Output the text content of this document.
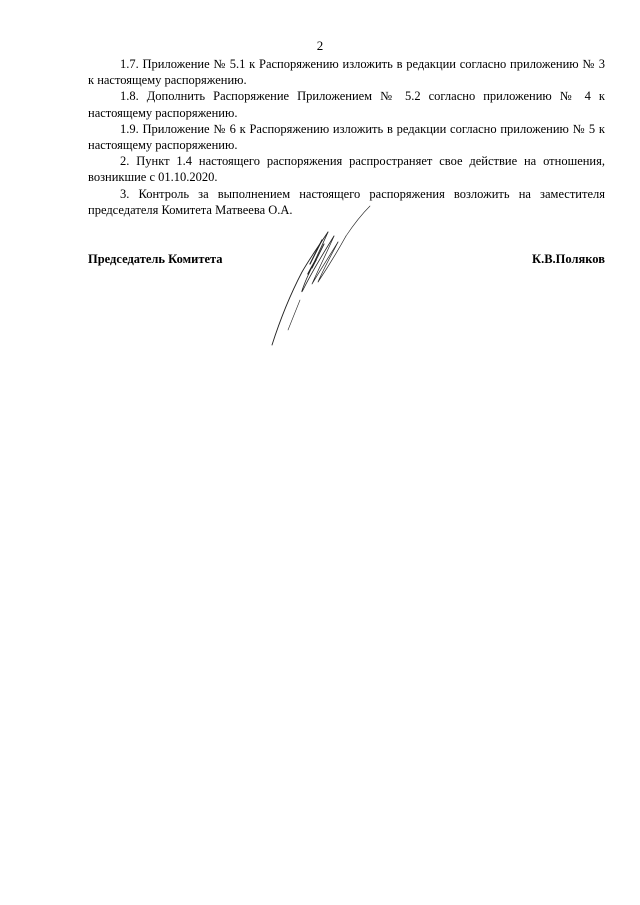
2

1.7. Приложение № 5.1 к Распоряжению изложить в редакции согласно приложению № 3 к настоящему распоряжению.

1.8. Дополнить Распоряжение Приложением № 5.2 согласно приложению № 4 к настоящему распоряжению.

1.9. Приложение № 6 к Распоряжению изложить в редакции согласно приложению № 5 к настоящему распоряжению.

2. Пункт 1.4 настоящего распоряжения распространяет свое действие на отношения, возникшие с 01.10.2020.

3. Контроль за выполнением настоящего распоряжения возложить на заместителя председателя Комитета Матвеева О.А.

Председатель Комитета	К.В.Поляков
